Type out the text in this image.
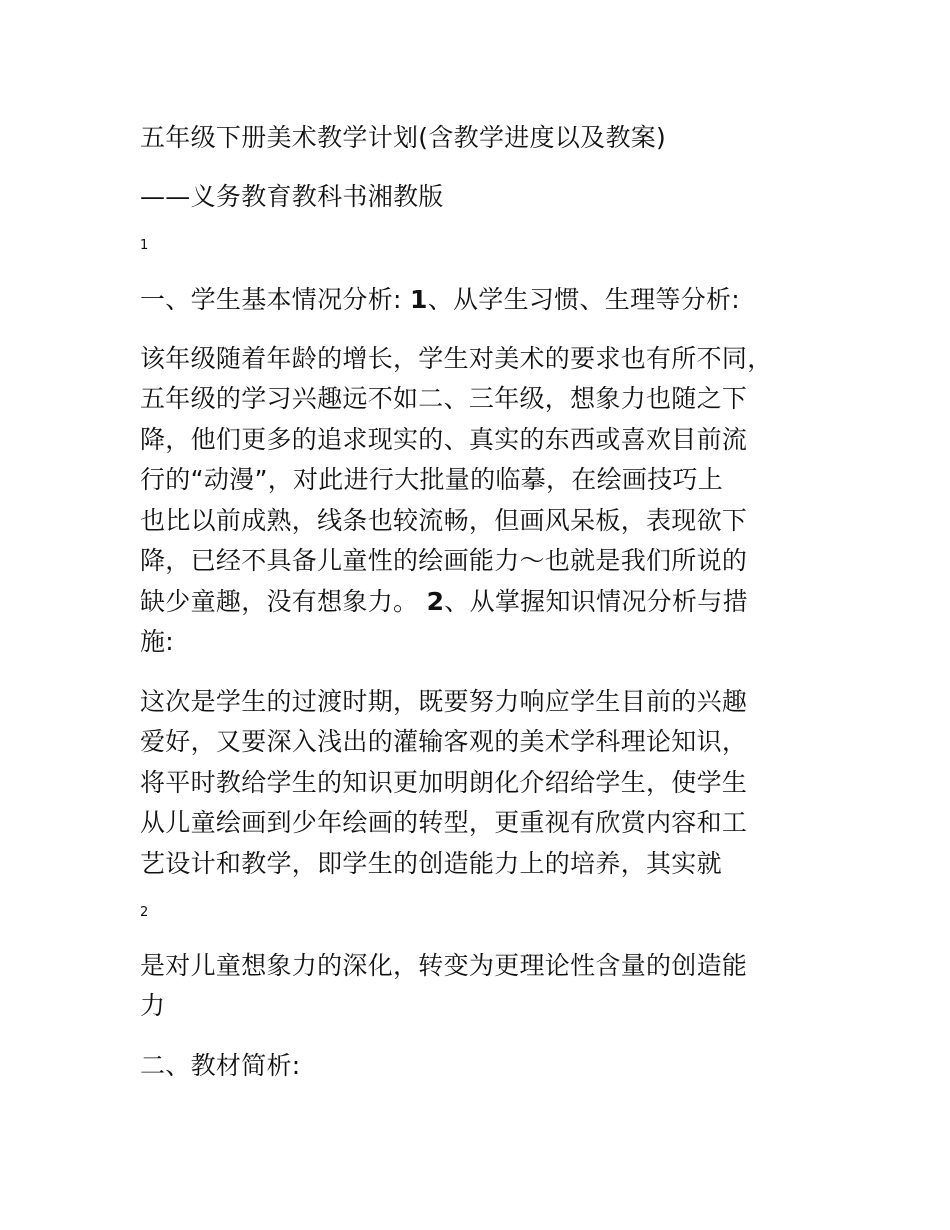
五年级下册美术教学计划(含教学进度以及教案)
——义务教育教科书湘教版
1
一、学生基本情况分析: 1、从学生习惯、生理等分析:
该年级随着年龄的增长，学生对美术的要求也有所不同，
五年级的学习兴趣远不如二、三年级，想象力也随之下
降，他们更多的追求现实的、真实的东西或喜欢目前流
行的“动漫”，对此进行大批量的临摹，在绘画技巧上
也比以前成熟，线条也较流畅，但画风呆板，表现欲下
降，已经不具备儿童性的绘画能力～也就是我们所说的
缺少童趣，没有想象力。 2、从掌握知识情况分析与措
施:
这次是学生的过渡时期，既要努力响应学生目前的兴趣
爱好，又要深入浅出的灌输客观的美术学科理论知识，
将平时教给学生的知识更加明朗化介绍给学生，使学生
从儿童绘画到少年绘画的转型，更重视有欣赏内容和工
艺设计和教学，即学生的创造能力上的培养，其实就
2
是对儿童想象力的深化，转变为更理论性含量的创造能
力
二、教材简析:
